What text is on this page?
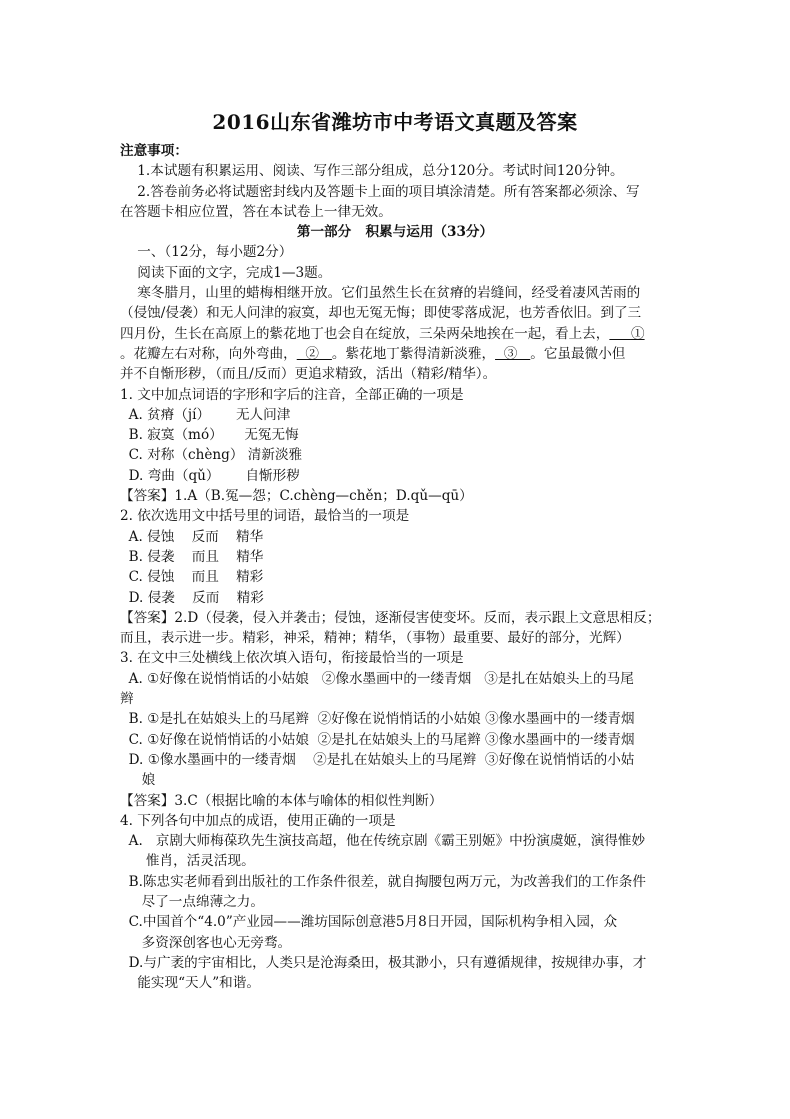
2016山东省潍坊市中考语文真题及答案
注意事项：
1.本试题有积累运用、阅读、写作三部分组成，总分120分。考试时间120分钟。
2.答卷前务必将试题密封线内及答题卡上面的项目填涂清楚。所有答案都必须涂、写
在答题卡相应位置，答在本试卷上一律无效。
第一部分   积累与运用（33分）
一、（12分，每小题2分）
阅读下面的文字，完成1—3题。
寒冬腊月，山里的蜡梅相继开放。它们虽然生长在贫瘠的岩缝间，经受着凄风苦雨的
（侵蚀/侵袭）和无人问津的寂寞，却也无冤无悔；即使零落成泥，也芳香依旧。到了三
四月份，生长在高原上的紫花地丁也会自在绽放，三朵两朵地挨在一起，看上去，     ①
。花瓣左右对称，向外弯曲，  ②   。紫花地丁紫得清新淡雅，  ③   。它虽最微小但
并不自惭形秽，（而且/反而）更追求精致，活出（精彩/精华）。
1. 文中加点词语的字形和字后的注音，全部正确的一项是
A. 贫瘠（jí）      无人问津
B. 寂寞（mó）     无冤无悔
C. 对称（chèng） 清新淡雅
D. 弯曲（qǔ）      自惭形秽
【答案】1.A（B.冤—怨；C.chèng—chěn；D.qǔ—qū）
2. 依次选用文中括号里的词语，最恰当的一项是
A. 侵蚀    反而    精华
B. 侵袭    而且    精华
C. 侵蚀    而且    精彩
D. 侵袭    反而    精彩
【答案】2.D（侵袭，侵入并袭击；侵蚀，逐渐侵害使变坏。反而，表示跟上文意思相反；
而且，表示进一步。精彩，神采，精神；精华，（事物）最重要、最好的部分，光辉）
3. 在文中三处横线上依次填入语句，衔接最恰当的一项是
A. ①好像在说悄悄话的小姑娘   ②像水墨画中的一缕青烟   ③是扎在姑娘头上的马尾
辫
B. ①是扎在姑娘头上的马尾辫  ②好像在说悄悄话的小姑娘 ③像水墨画中的一缕青烟
C. ①好像在说悄悄话的小姑娘  ②是扎在姑娘头上的马尾辫 ③像水墨画中的一缕青烟
D. ①像水墨画中的一缕青烟    ②是扎在姑娘头上的马尾辫  ③好像在说悄悄话的小姑
娘
【答案】3.C（根据比喻的本体与喻体的相似性判断）
4. 下列各句中加点的成语，使用正确的一项是
A.   京剧大师梅葆玖先生演技高超，他在传统京剧《霸王别姬》中扮演虞姬，演得惟妙
惟肖，活灵活现。
B.陈忠实老师看到出版社的工作条件很差，就自掏腰包两万元，为改善我们的工作条件
尽了一点绵薄之力。
C.中国首个“4.0”产业园——潍坊国际创意港5月8日开园，国际机构争相入园，众
多资深创客也心无旁骛。
D.与广袤的宇宙相比，人类只是沧海桑田，极其渺小，只有遵循规律，按规律办事，才
能实现“天人”和谐。
